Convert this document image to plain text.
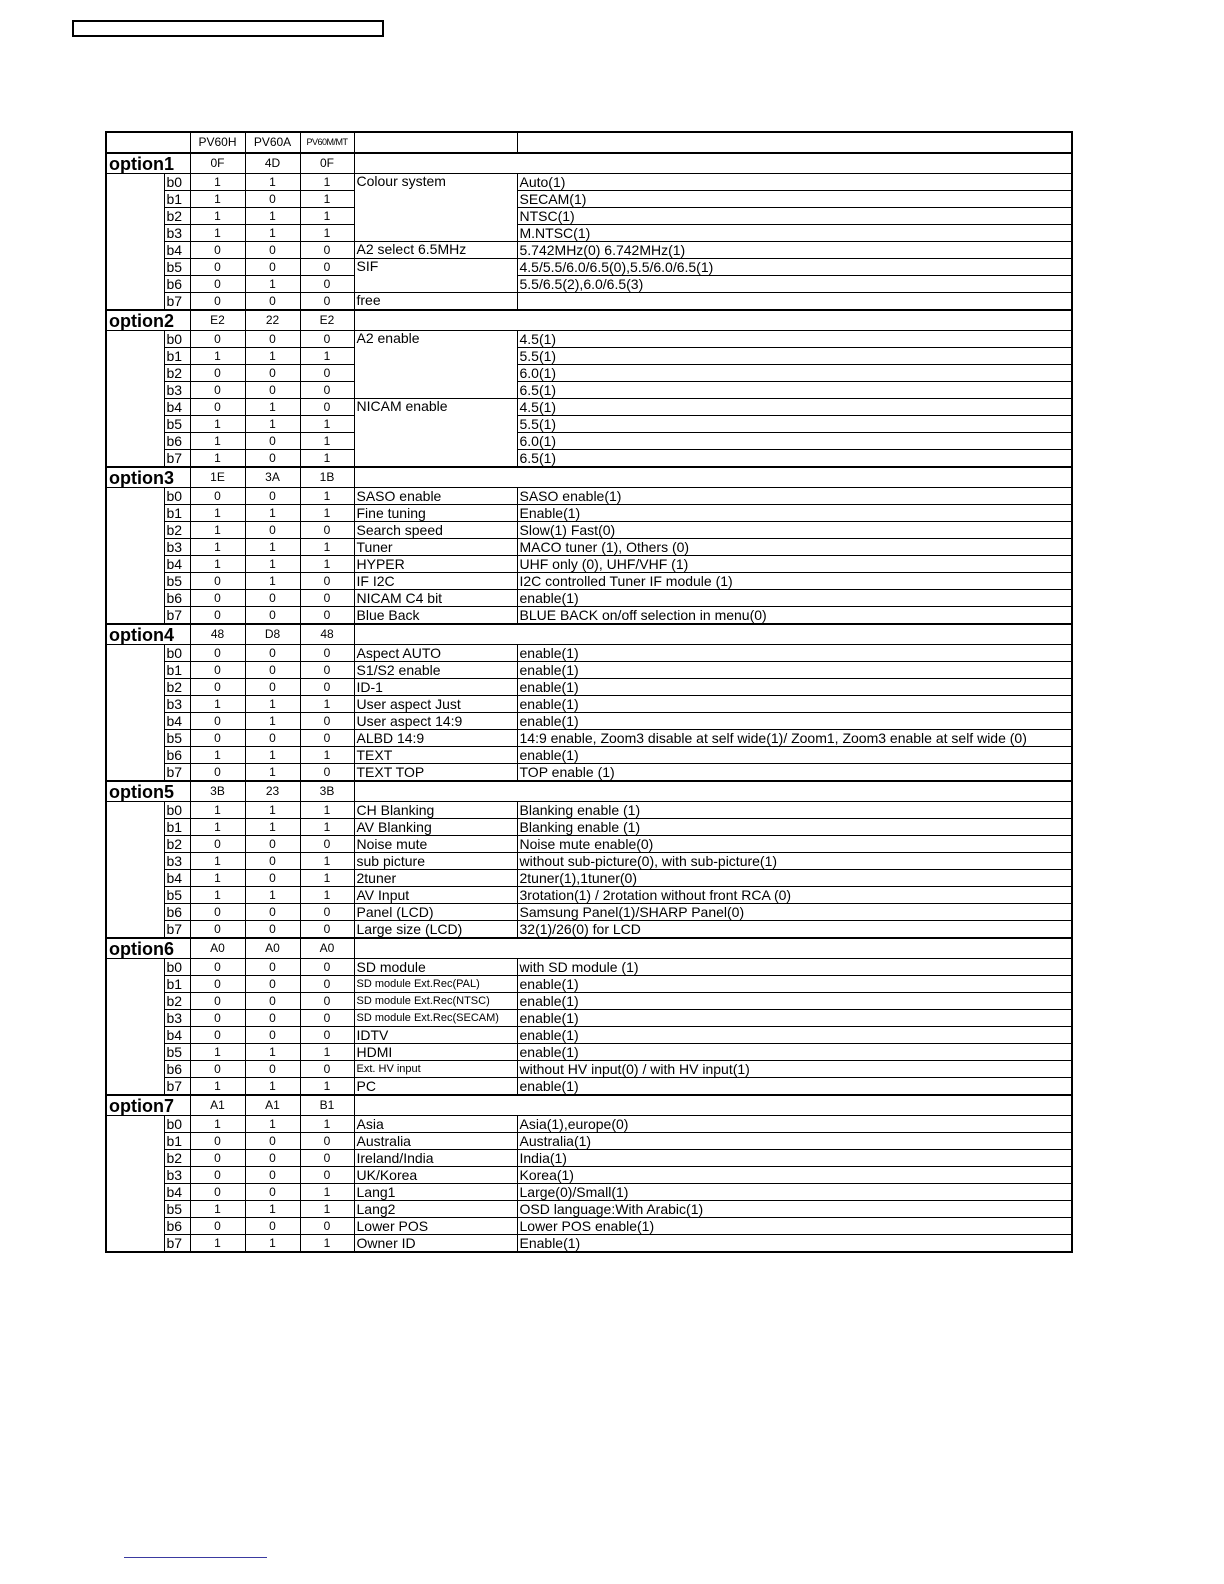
		PV60H	PV60A	PV60M/MT		
option1		0F	4D	0F		
	b0	1	1	1	Colour system	Auto(1)
	b1	1	0	1		SECAM(1)
	b2	1	1	1		NTSC(1)
	b3	1	1	1		M.NTSC(1)
	b4	0	0	0	A2 select 6.5MHz	5.742MHz(0) 6.742MHz(1)
	b5	0	0	0	SIF	4.5/5.5/6.0/6.5(0),5.5/6.0/6.5(1)
	b6	0	1	0		5.5/6.5(2),6.0/6.5(3)
	b7	0	0	0	free	
option2		E2	22	E2		
	b0	0	0	0	A2 enable	4.5(1)
	b1	1	1	1		5.5(1)
	b2	0	0	0		6.0(1)
	b3	0	0	0		6.5(1)
	b4	0	1	0	NICAM enable	4.5(1)
	b5	1	1	1		5.5(1)
	b6	1	0	1		6.0(1)
	b7	1	0	1		6.5(1)
option3		1E	3A	1B		
	b0	0	0	1	SASO enable	SASO enable(1)
	b1	1	1	1	Fine tuning	Enable(1)
	b2	1	0	0	Search speed	Slow(1) Fast(0)
	b3	1	1	1	Tuner	MACO tuner (1), Others (0)
	b4	1	1	1	HYPER	UHF only (0), UHF/VHF (1)
	b5	0	1	0	IF I2C	I2C controlled Tuner IF module (1)
	b6	0	0	0	NICAM C4 bit	enable(1)
	b7	0	0	0	Blue Back	BLUE BACK on/off selection in menu(0)
option4		48	D8	48		
	b0	0	0	0	Aspect AUTO	enable(1)
	b1	0	0	0	S1/S2 enable	enable(1)
	b2	0	0	0	ID-1	enable(1)
	b3	1	1	1	User aspect Just	enable(1)
	b4	0	1	0	User aspect 14:9	enable(1)
	b5	0	0	0	ALBD 14:9	14:9 enable, Zoom3 disable at self wide(1)/ Zoom1, Zoom3 enable at self wide (0)
	b6	1	1	1	TEXT	enable(1)
	b7	0	1	0	TEXT TOP	TOP enable (1)
option5		3B	23	3B		
	b0	1	1	1	CH Blanking	Blanking enable (1)
	b1	1	1	1	AV Blanking	Blanking enable (1)
	b2	0	0	0	Noise mute	Noise mute enable(0)
	b3	1	0	1	sub picture	without sub-picture(0), with sub-picture(1)
	b4	1	0	1	2tuner	2tuner(1),1tuner(0)
	b5	1	1	1	AV Input	3rotation(1) / 2rotation without front RCA (0)
	b6	0	0	0	Panel (LCD)	Samsung Panel(1)/SHARP Panel(0)
	b7	0	0	0	Large size (LCD)	32(1)/26(0) for LCD
option6		A0	A0	A0		
	b0	0	0	0	SD module	with SD module (1)
	b1	0	0	0	SD module Ext.Rec(PAL)	enable(1)
	b2	0	0	0	SD module Ext.Rec(NTSC)	enable(1)
	b3	0	0	0	SD module Ext.Rec(SECAM)	enable(1)
	b4	0	0	0	IDTV	enable(1)
	b5	1	1	1	HDMI	enable(1)
	b6	0	0	0	Ext. HV input	without HV input(0) / with HV input(1)
	b7	1	1	1	PC	enable(1)
option7		A1	A1	B1		
	b0	1	1	1	Asia	Asia(1),europe(0)
	b1	0	0	0	Australia	Australia(1)
	b2	0	0	0	Ireland/India	India(1)
	b3	0	0	0	UK/Korea	Korea(1)
	b4	0	0	1	Lang1	Large(0)/Small(1)
	b5	1	1	1	Lang2	OSD language:With Arabic(1)
	b6	0	0	0	Lower POS	Lower POS enable(1)
	b7	1	1	1	Owner ID	Enable(1)
